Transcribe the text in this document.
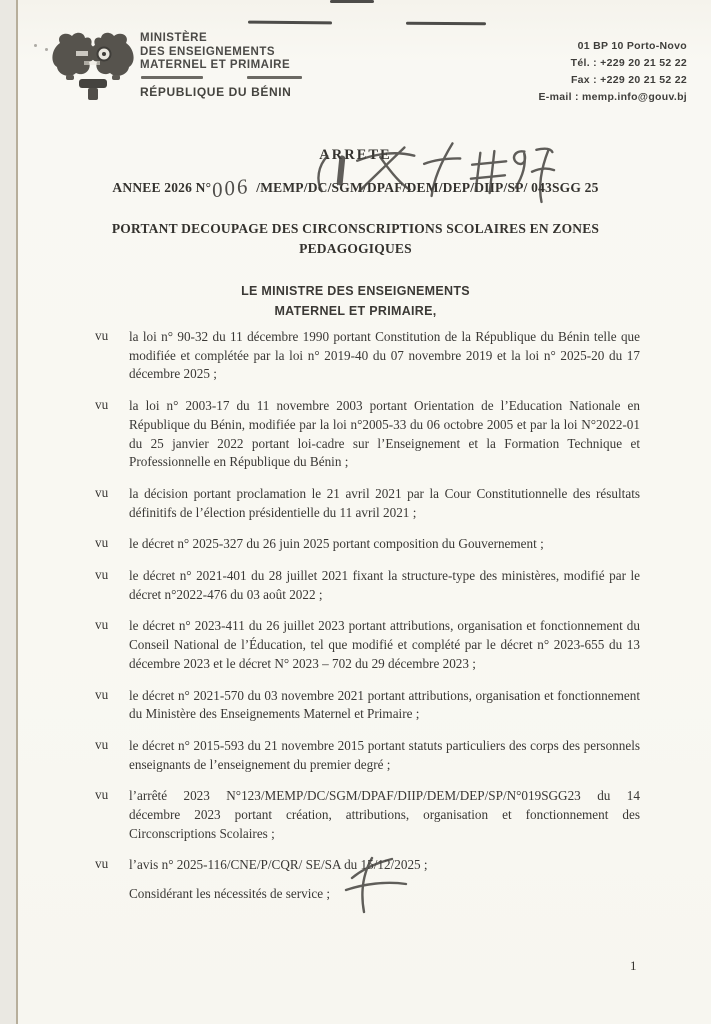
MINISTÈRE
DES ENSEIGNEMENTS
MATERNEL ET PRIMAIRE
RÉPUBLIQUE DU BÉNIN
01 BP 10 Porto-Novo
Tél. : +229 20 21 52 22
Fax : +229 20 21 52 22
E-mail : memp.info@gouv.bj
ARRETE
ANNEE 2026 N°006 /MEMP/DC/SGM/DPAF/DEM/DEP/DIIP/SP/ 043SGG 25
PORTANT DECOUPAGE DES CIRCONSCRIPTIONS SCOLAIRES EN ZONES
PEDAGOGIQUES
LE MINISTRE DES ENSEIGNEMENTS
MATERNEL ET PRIMAIRE,
vu	la loi n° 90-32 du 11 décembre 1990 portant Constitution de la République du Bénin telle que modifiée et complétée par la loi n° 2019-40 du 07 novembre 2019 et la loi n° 2025-20 du 17 décembre 2025 ;
vu	la loi n° 2003-17 du 11 novembre 2003 portant Orientation de l’Education Nationale en République du Bénin, modifiée par la loi n°2005-33 du 06 octobre 2005 et par la loi N°2022-01 du 25 janvier 2022 portant loi-cadre sur l’Enseignement et la Formation Technique et Professionnelle en République du Bénin ;
vu	la décision portant proclamation le 21 avril 2021 par la Cour Constitutionnelle des résultats définitifs de l’élection présidentielle du 11 avril 2021 ;
vu	le décret n° 2025-327 du 26 juin 2025 portant composition du Gouvernement ;
vu	le décret n° 2021-401 du 28 juillet 2021 fixant la structure-type des ministères, modifié par le décret n°2022-476 du 03 août 2022 ;
vu	le décret n° 2023-411 du 26 juillet 2023 portant attributions, organisation et fonctionnement du Conseil National de l’Éducation, tel que modifié et complété par le décret n° 2023-655 du 13 décembre 2023 et le décret N° 2023 – 702 du 29 décembre 2023 ;
vu	le décret n° 2021-570 du 03 novembre 2021 portant attributions, organisation et fonctionnement du Ministère des Enseignements Maternel et Primaire ;
vu	le décret n° 2015-593 du 21 novembre 2015 portant statuts particuliers des corps des personnels enseignants de l’enseignement du premier degré ;
vu	l’arrêté 2023 N°123/MEMP/DC/SGM/DPAF/DIIP/DEM/DEP/SP/N°019SGG23 du 14 décembre 2023 portant création, attributions, organisation et fonctionnement des Circonscriptions Scolaires ;
vu	l’avis n° 2025-116/CNE/P/CQR/ SE/SA du 15/12/2025 ;
Considérant les nécessités de service ;
1
